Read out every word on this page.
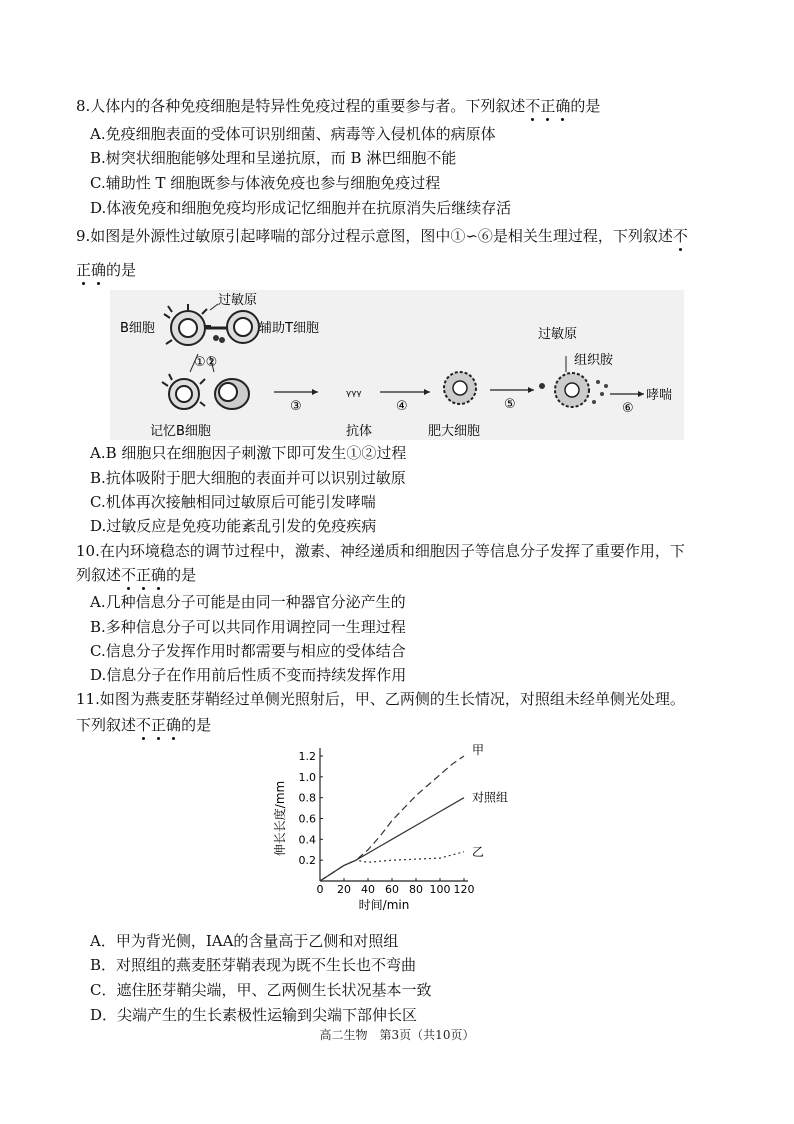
8.人体内的各种免疫细胞是特异性免疫过程的重要参与者。下列叙述不正确的是
A.免疫细胞表面的受体可识别细菌、病毒等入侵机体的病原体
B.树突状细胞能够处理和呈递抗原，而 B 淋巴细胞不能
C.辅助性 T 细胞既参与体液免疫也参与细胞免疫过程
D.体液免疫和细胞免疫均形成记忆细胞并在抗原消失后继续存活
9.如图是外源性过敏原引起哮喘的部分过程示意图，图中①∽⑥是相关生理过程，下列叙述不
正确的是
过敏原
B细胞	辅助T细胞
①②
记忆B细胞
③
ᵞᵞᵞ
抗体
④
肥大细胞
⑤
过敏原
组织胺
⑥
哮喘
A.B 细胞只在细胞因子刺激下即可发生①②过程
B.抗体吸附于肥大细胞的表面并可以识别过敏原
C.机体再次接触相同过敏原后可能引发哮喘
D.过敏反应是免疫功能紊乱引发的免疫疾病
10.在内环境稳态的调节过程中，激素、神经递质和细胞因子等信息分子发挥了重要作用，下
列叙述不正确的是
A.几种信息分子可能是由同一种器官分泌产生的
B.多种信息分子可以共同作用调控同一生理过程
C.信息分子发挥作用时都需要与相应的受体结合
D.信息分子在作用前后性质不变而持续发挥作用
11.如图为燕麦胚芽鞘经过单侧光照射后，甲、乙两侧的生长情况，对照组未经单侧光处理。
下列叙述不正确的是
0 20 40 60 80 100 120
0.2
0.4
0.6
0.8
1.0
1.2	甲
对照组
乙
时间/min
伸长长度/mm
A．甲为背光侧，IAA的含量高于乙侧和对照组
B．对照组的燕麦胚芽鞘表现为既不生长也不弯曲
C．遮住胚芽鞘尖端，甲、乙两侧生长状况基本一致
D．尖端产生的生长素极性运输到尖端下部伸长区
高二生物　第3页（共10页）
